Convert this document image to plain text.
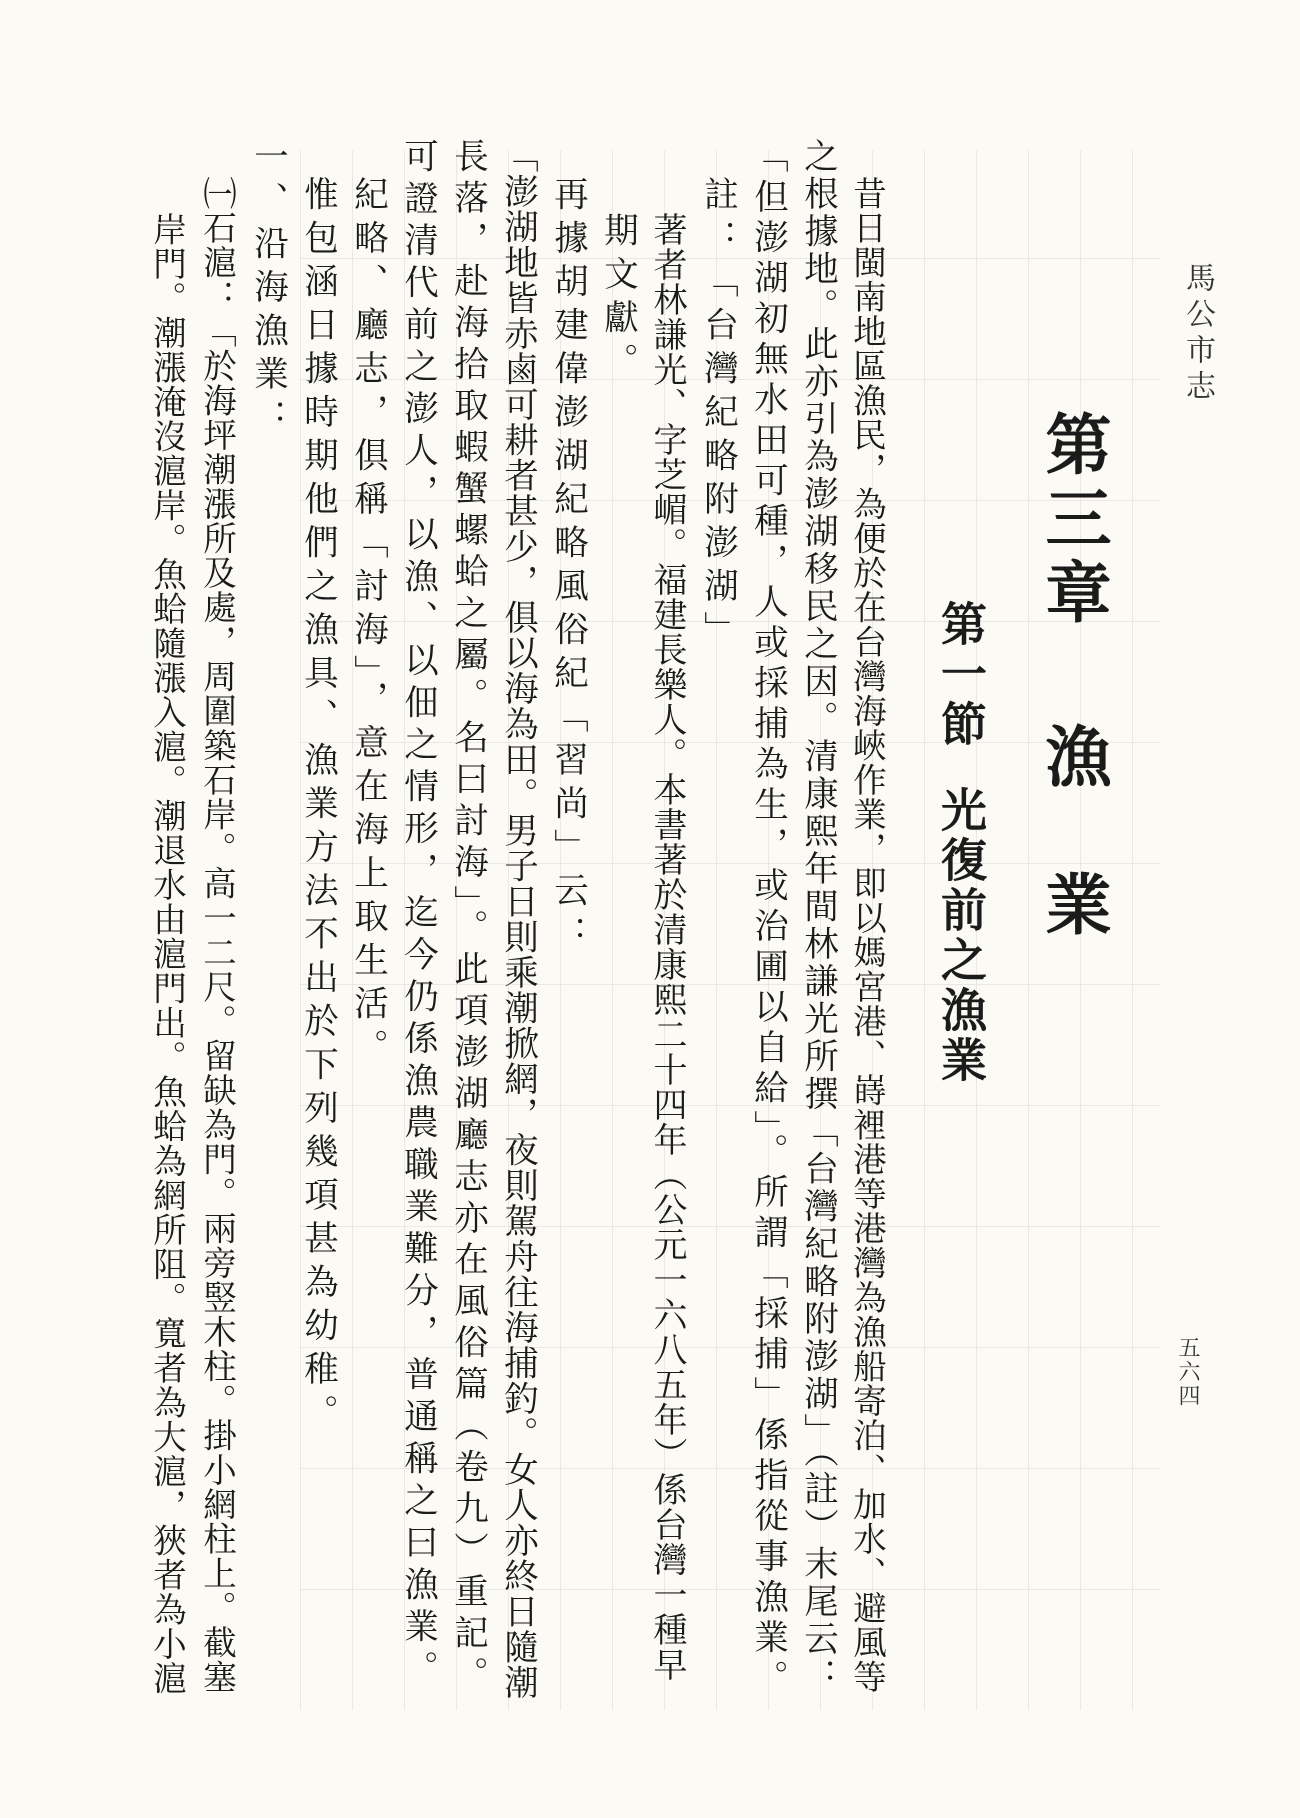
馬公市志
五六四
第三章漁　業
第一節光復前之漁業
昔日閩南地區漁民，為便於在台灣海峽作業，即以媽宮港、嵵裡港等港灣為漁船寄泊、加水、避風等
之根據地。此亦引為澎湖移民之因。清康熙年間林謙光所撰「台灣紀略附澎湖」（註）末尾云：
「但澎湖初無水田可種，人或採捕為生，或治圃以自給」。所謂「採捕」係指從事漁業。
註：「台灣紀略附澎湖」
著者林謙光、字芝嵋。福建長樂人。本書著於清康熙二十四年（公元一六八五年）係台灣一種早
期文獻。
再據胡建偉澎湖紀略風俗紀「習尚」云：
「澎湖地皆赤鹵可耕者甚少，俱以海為田。男子日則乘潮掀網，夜則駕舟往海捕釣。女人亦終日隨潮
長落，赴海拾取蝦蟹螺蛤之屬。名曰討海」。此項澎湖廳志亦在風俗篇（卷九）重記。
可證清代前之澎人，以漁、以佃之情形，迄今仍係漁農職業難分，普通稱之曰漁業。
紀略、廳志，俱稱「討海」，意在海上取生活。
惟包涵日據時期他們之漁具、漁業方法不出於下列幾項甚為幼稚。
一、沿海漁業：
㈠石滬：「於海坪潮漲所及處，周圍築石岸。高一二尺。留缺為門。兩旁竪木柱。掛小網柱上。截塞
岸門。潮漲淹沒滬岸。魚蛤隨漲入滬。潮退水由滬門出。魚蛤為網所阻。寬者為大滬，狹者為小滬
